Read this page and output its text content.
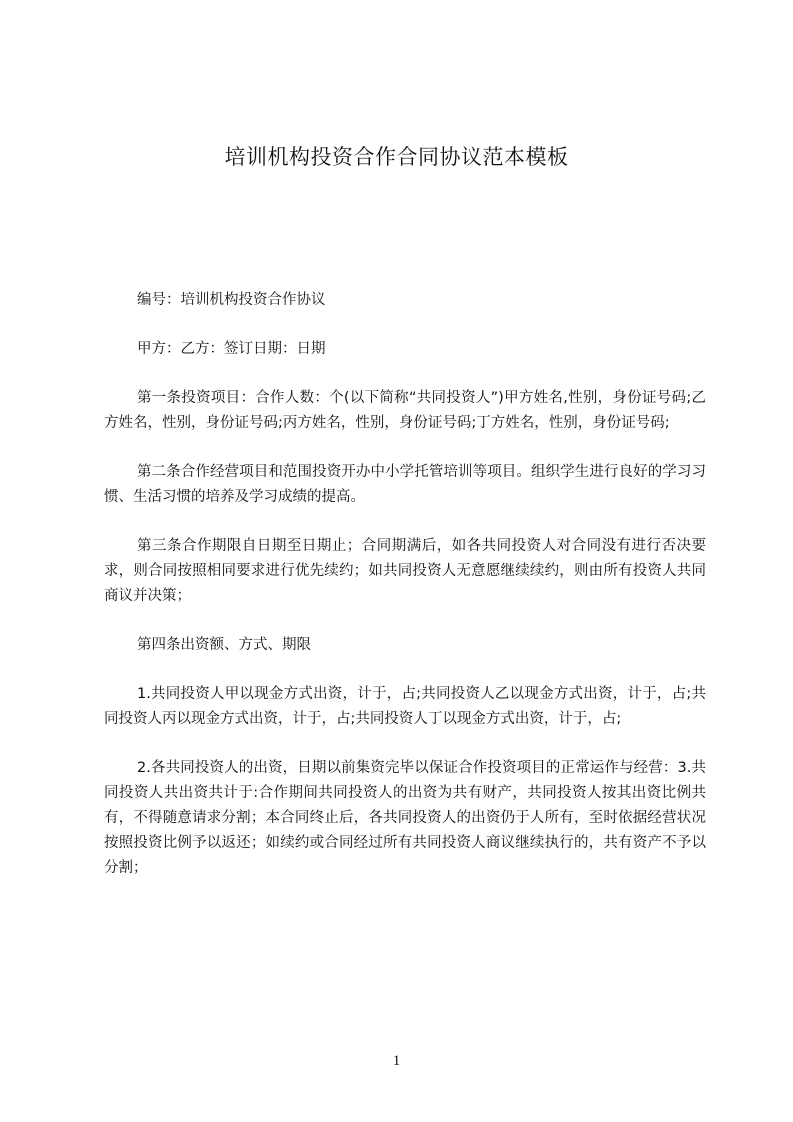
培训机构投资合作合同协议范本模板

编号：培训机构投资合作协议

甲方：乙方：签订日期：日期

第一条投资项目：合作人数：个(以下简称“共同投资人”)甲方姓名,性别，身份证号码;乙方姓名，性别，身份证号码;丙方姓名，性别，身份证号码;丁方姓名，性别，身份证号码;

第二条合作经营项目和范围投资开办中小学托管培训等项目。组织学生进行良好的学习习惯、生活习惯的培养及学习成绩的提高。

第三条合作期限自日期至日期止；合同期满后，如各共同投资人对合同没有进行否决要求，则合同按照相同要求进行优先续约；如共同投资人无意愿继续续约，则由所有投资人共同商议并决策；

第四条出资额、方式、期限

1.共同投资人甲以现金方式出资，计于，占;共同投资人乙以现金方式出资，计于，占;共同投资人丙以现金方式出资，计于，占;共同投资人丁以现金方式出资，计于，占;

2.各共同投资人的出资，日期以前集资完毕以保证合作投资项目的正常运作与经营：3.共同投资人共出资共计于:合作期间共同投资人的出资为共有财产，共同投资人按其出资比例共有，不得随意请求分割；本合同终止后，各共同投资人的出资仍于人所有，至时依据经营状况按照投资比例予以返还；如续约或合同经过所有共同投资人商议继续执行的，共有资产不予以分割；

1
